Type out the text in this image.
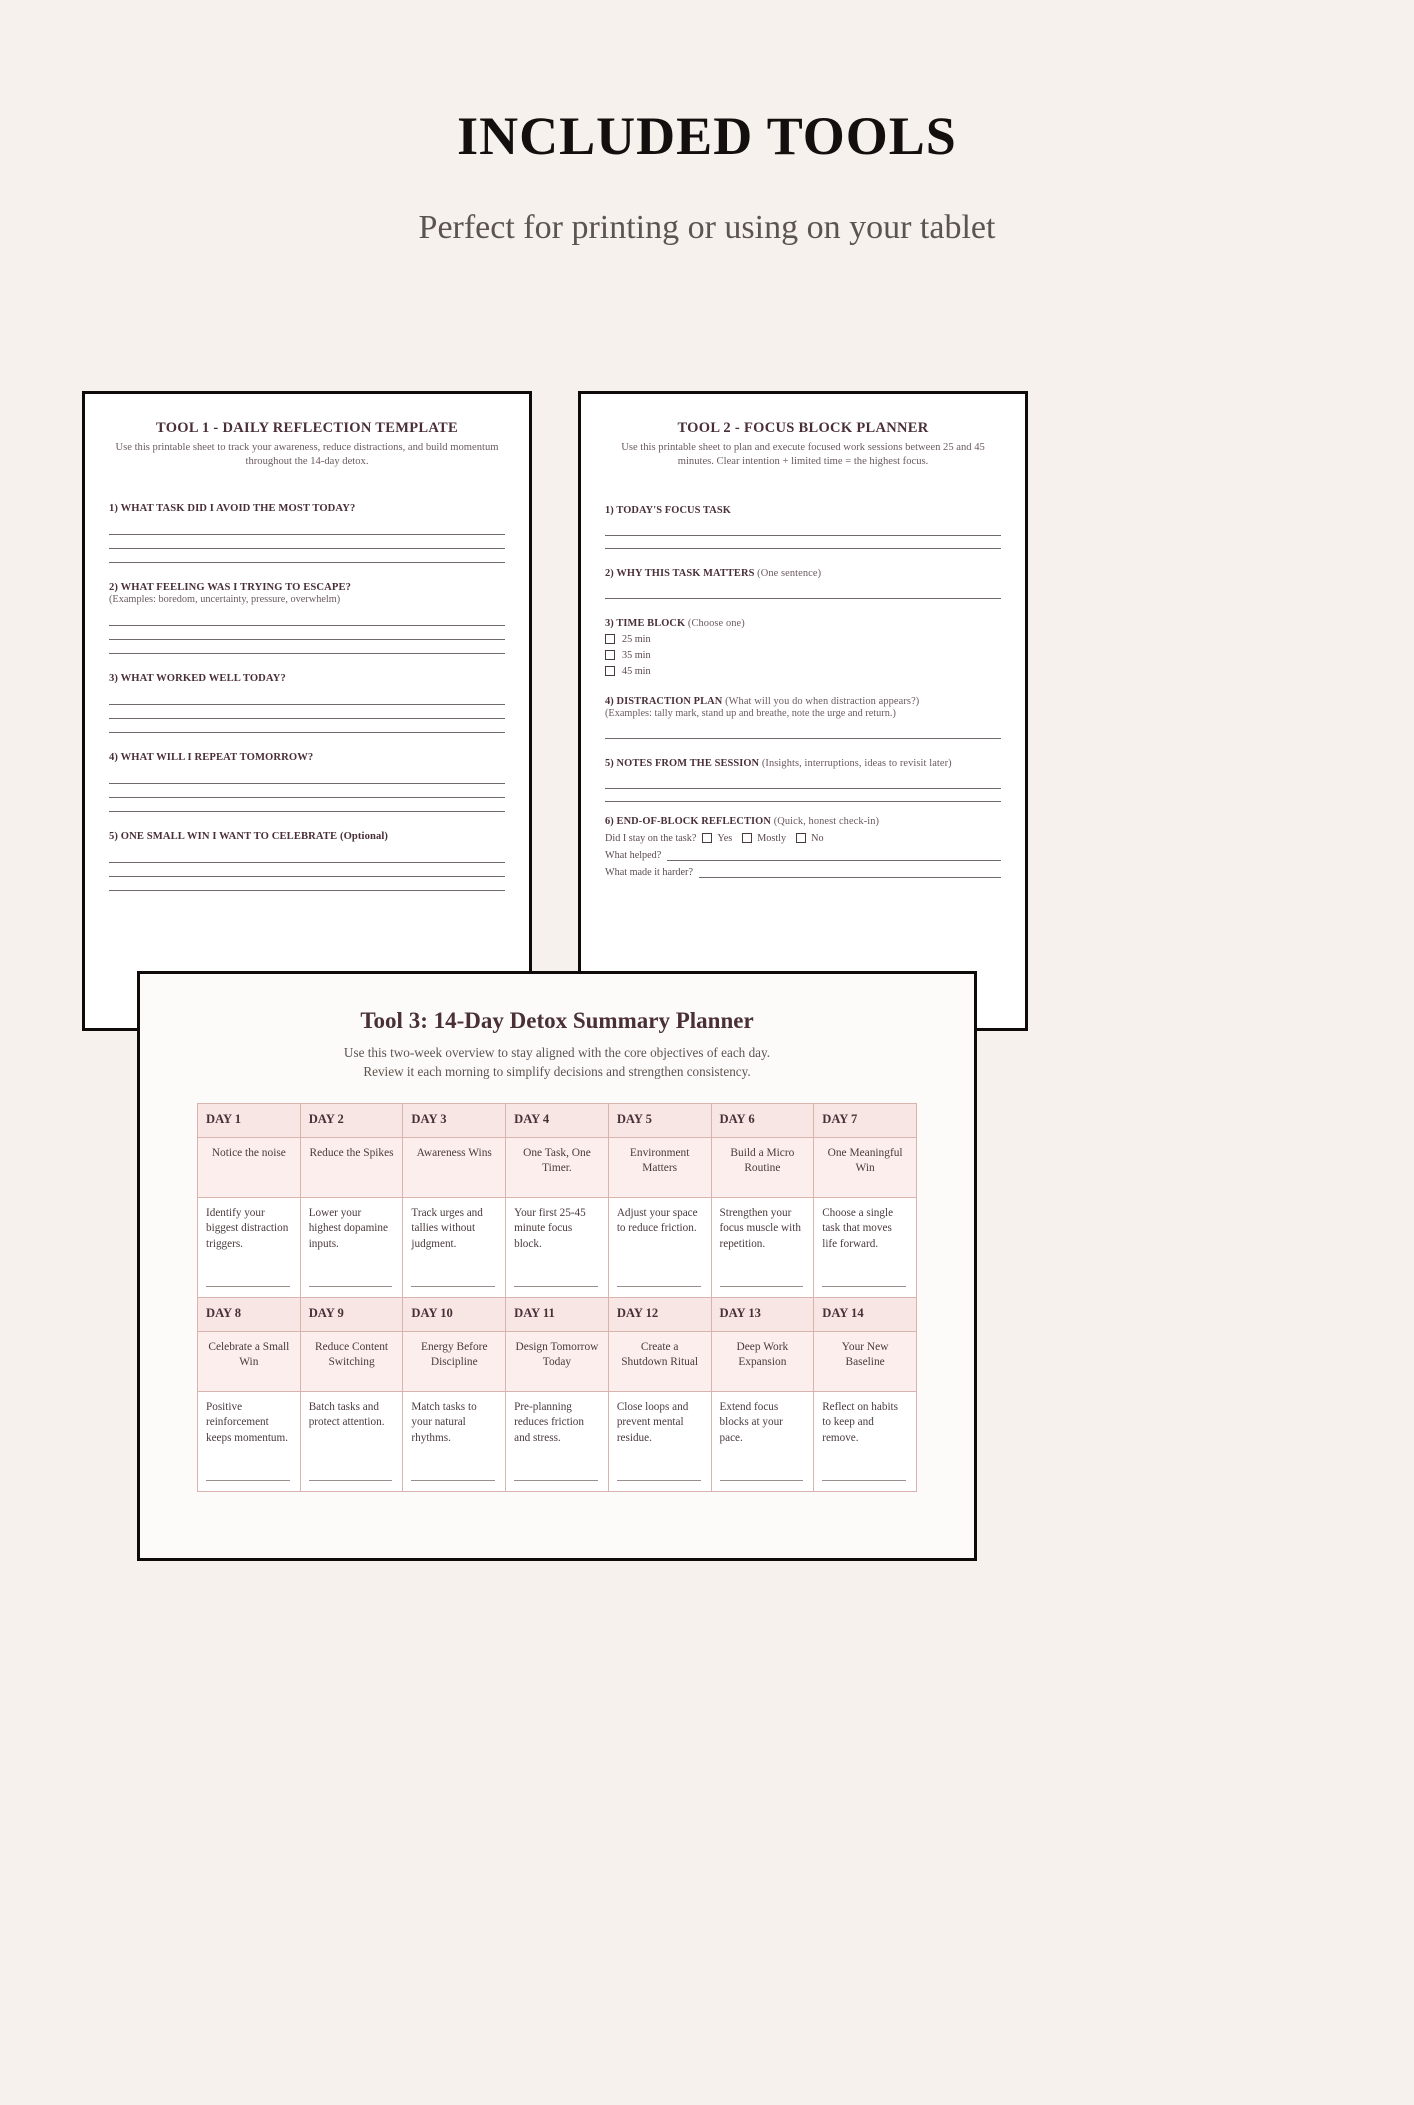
INCLUDED TOOLS
Perfect for printing or using on your tablet
TOOL 1 - DAILY REFLECTION TEMPLATE
Use this printable sheet to track your awareness, reduce distractions, and build momentum throughout the 14-day detox.
1) WHAT TASK DID I AVOID THE MOST TODAY?
2) WHAT FEELING WAS I TRYING TO ESCAPE?
(Examples: boredom, uncertainty, pressure, overwhelm)
3) WHAT WORKED WELL TODAY?
4) WHAT WILL I REPEAT TOMORROW?
5) ONE SMALL WIN I WANT TO CELEBRATE (Optional)
TOOL 2 - FOCUS BLOCK PLANNER
Use this printable sheet to plan and execute focused work sessions between 25 and 45 minutes. Clear intention + limited time = the highest focus.
1) TODAY'S FOCUS TASK
2) WHY THIS TASK MATTERS (One sentence)
3) TIME BLOCK (Choose one)
25 min
35 min
45 min
4) DISTRACTION PLAN (What will you do when distraction appears?)
(Examples: tally mark, stand up and breathe, note the urge and return.)
5) NOTES FROM THE SESSION (Insights, interruptions, ideas to revisit later)
6) END-OF-BLOCK REFLECTION (Quick, honest check-in)
Did I stay on the task? Yes Mostly No
What helped?
What made it harder?
Tool 3: 14-Day Detox Summary Planner
Use this two-week overview to stay aligned with the core objectives of each day.
Review it each morning to simplify decisions and strengthen consistency.
DAY 1	DAY 2	DAY 3	DAY 4	DAY 5	DAY 6	DAY 7
Notice the noise	Reduce the Spikes	Awareness Wins	One Task, One Timer.	Environment Matters	Build a Micro Routine	One Meaningful Win
Identify your biggest distraction triggers.	Lower your highest dopamine inputs.	Track urges and tallies without judgment.	Your first 25-45 minute focus block.	Adjust your space to reduce friction.	Strengthen your focus muscle with repetition.	Choose a single task that moves life forward.

DAY 8	DAY 9	DAY 10	DAY 11	DAY 12	DAY 13	DAY 14
Celebrate a Small Win	Reduce Content Switching	Energy Before Discipline	Design Tomorrow Today	Create a Shutdown Ritual	Deep Work Expansion	Your New Baseline
Positive reinforcement keeps momentum.	Batch tasks and protect attention.	Match tasks to your natural rhythms.	Pre-planning reduces friction and stress.	Close loops and prevent mental residue.	Extend focus blocks at your pace.	Reflect on habits to keep and remove.
